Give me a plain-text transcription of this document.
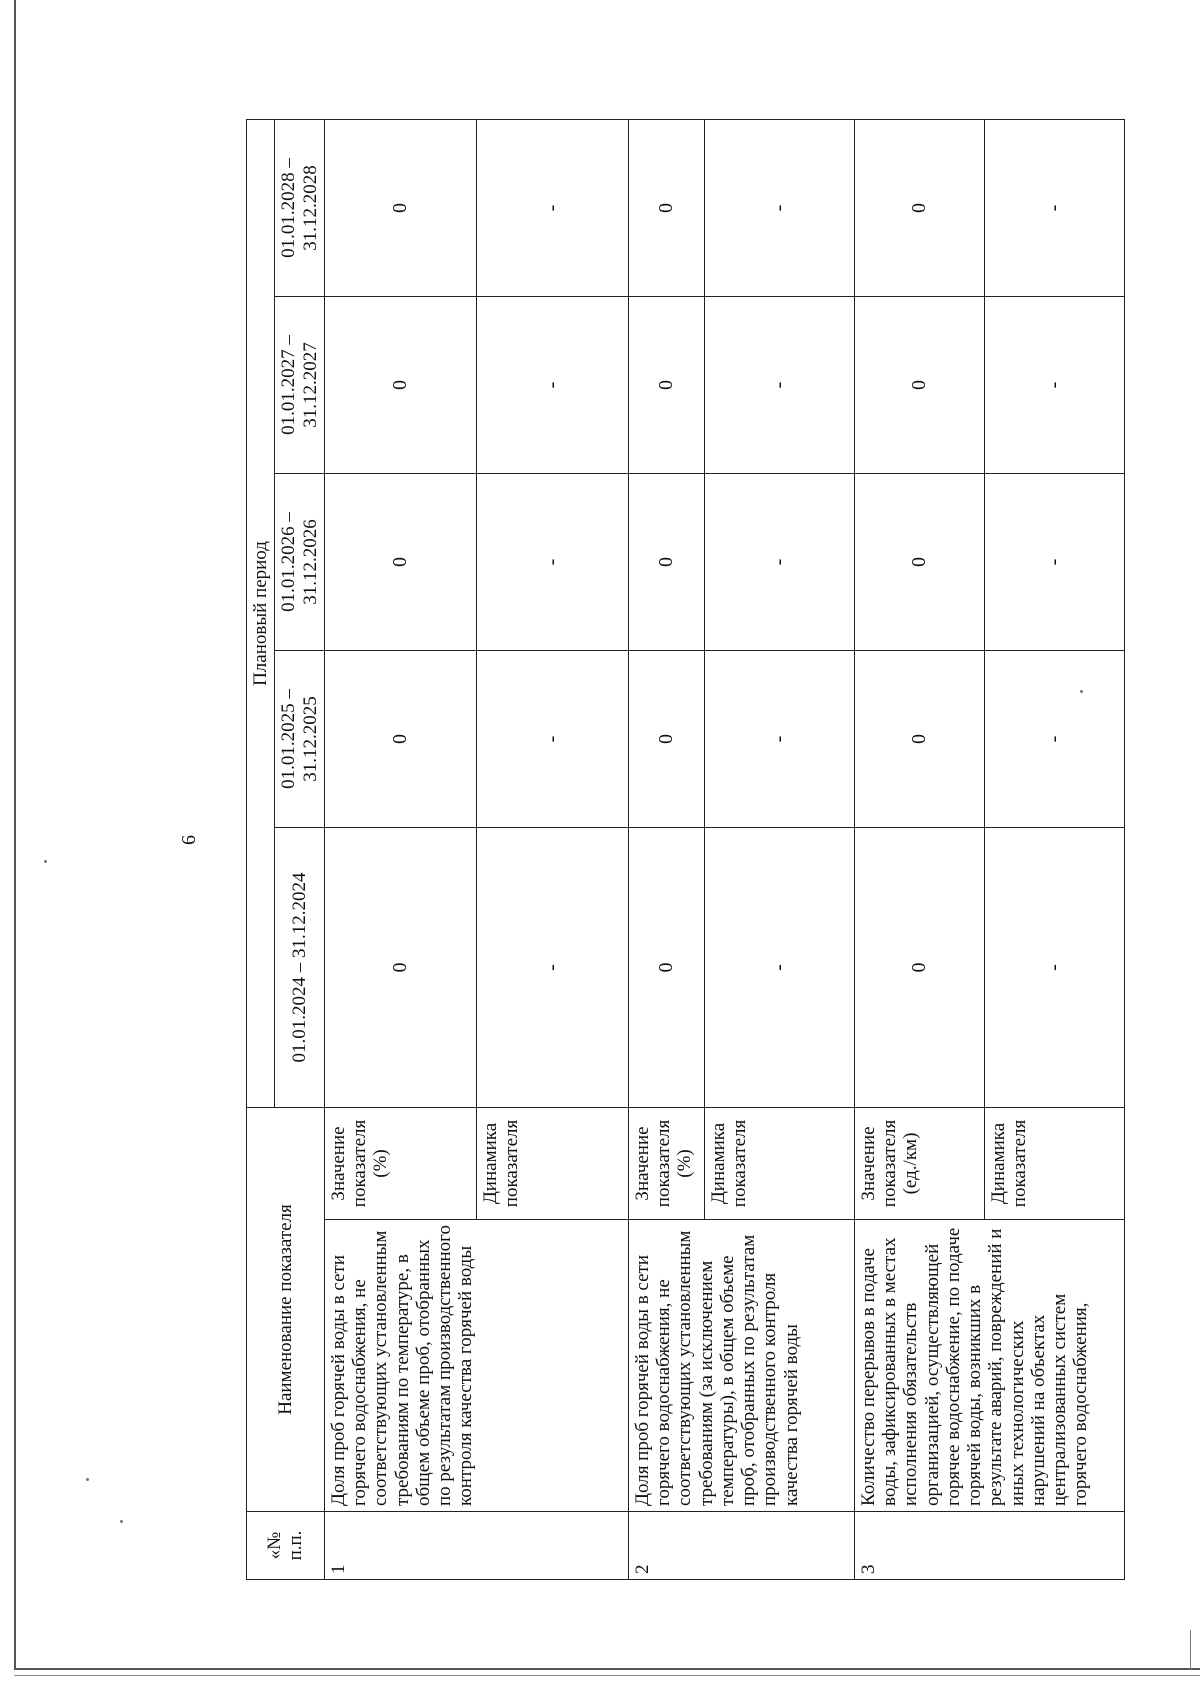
6
«№ п.п.	Наименование показателя		Плановый период				
			01.01.2024 – 31.12.2024	01.01.2025 – 31.12.2025	01.01.2026 – 31.12.2026	01.01.2027 – 31.12.2027	01.01.2028 – 31.12.2028
1	Доля проб горячей воды в сети горячего водоснабжения, не соответствующих установленным требованиям по температуре, в общем объеме проб, отобранных по результатам производственного контроля качества горячей воды	Значение показателя (%)	0	0	0	0	0
		Динамика показателя	-	-	-	-	-
2	Доля проб горячей воды в сети горячего водоснабжения, не соответствующих установленным требованиям (за исключением температуры), в общем объеме проб, отобранных по результатам производственного контроля качества горячей воды	Значение показателя (%)	0	0	0	0	0
		Динамика показателя	-	-	-	-	-
3	Количество перерывов в подаче воды, зафиксированных в местах исполнения обязательств организацией, осуществляющей горячее водоснабжение, по подаче горячей воды, возникших в результате аварий, повреждений и иных технологических нарушений на объектах централизованных систем горячего водоснабжения,	Значение показателя (ед./км)	0	0	0	0	0
		Динамика показателя	-	-	-	-	-
